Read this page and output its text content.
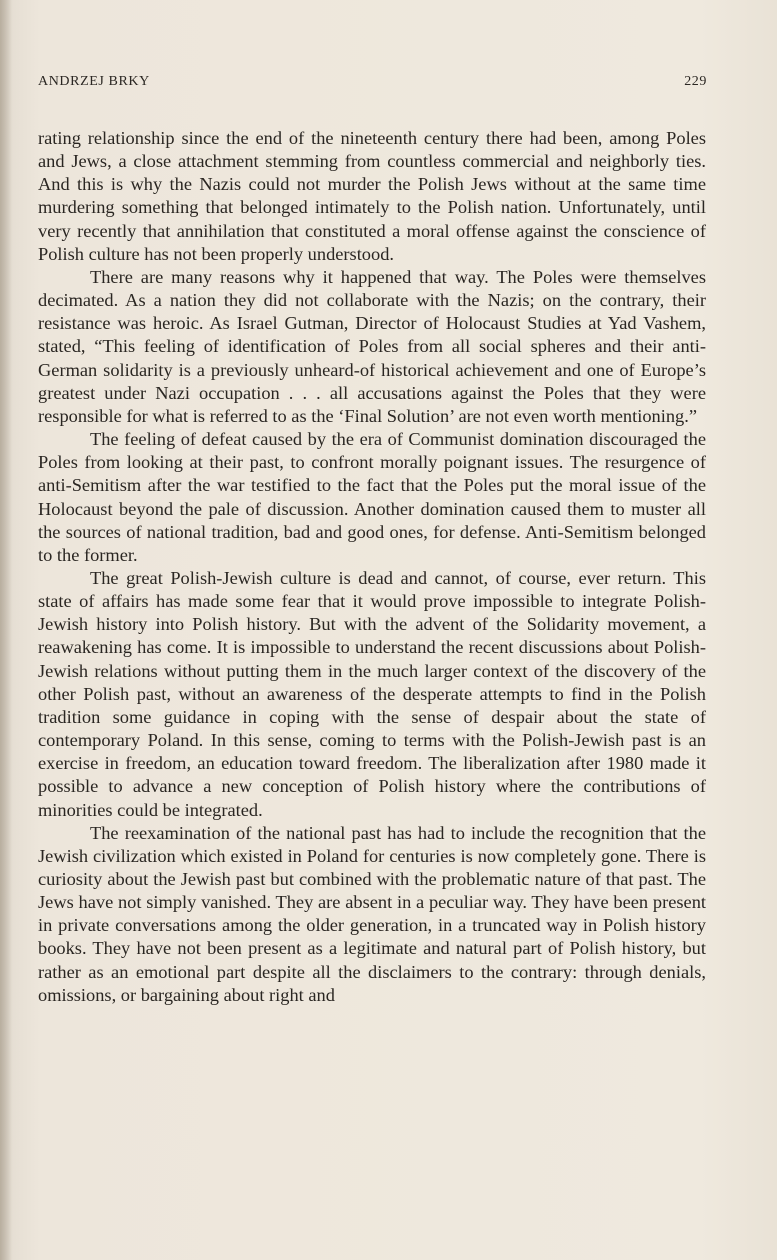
ANDRZEJ BRKY	229

rating relationship since the end of the nineteenth century there had been, among Poles and Jews, a close attachment stemming from countless commercial and neighborly ties. And this is why the Nazis could not murder the Polish Jews without at the same time murdering something that belonged intimately to the Polish nation. Unfortunately, until very recently that annihilation that constituted a moral offense against the conscience of Polish culture has not been properly understood.

There are many reasons why it happened that way. The Poles were themselves decimated. As a nation they did not collaborate with the Nazis; on the contrary, their resistance was heroic. As Israel Gutman, Director of Holocaust Studies at Yad Vashem, stated, “This feeling of identification of Poles from all social spheres and their anti-German solidarity is a previously unheard-of historical achievement and one of Europe’s greatest under Nazi occupation . . . all accusations against the Poles that they were responsible for what is referred to as the ‘Final Solution’ are not even worth mentioning.”

The feeling of defeat caused by the era of Communist domination discouraged the Poles from looking at their past, to confront morally poignant issues. The resurgence of anti-Semitism after the war testified to the fact that the Poles put the moral issue of the Holocaust beyond the pale of discussion. Another domination caused them to muster all the sources of national tradition, bad and good ones, for defense. Anti-Semitism belonged to the former.

The great Polish-Jewish culture is dead and cannot, of course, ever return. This state of affairs has made some fear that it would prove impossible to integrate Polish-Jewish history into Polish history. But with the advent of the Solidarity movement, a reawakening has come. It is impossible to understand the recent discussions about Polish-Jewish relations without putting them in the much larger context of the discovery of the other Polish past, without an awareness of the desperate attempts to find in the Polish tradition some guidance in coping with the sense of despair about the state of contemporary Poland. In this sense, coming to terms with the Polish-Jewish past is an exercise in freedom, an education toward freedom. The liberalization after 1980 made it possible to advance a new conception of Polish history where the contributions of minorities could be integrated.

The reexamination of the national past has had to include the recognition that the Jewish civilization which existed in Poland for centuries is now completely gone. There is curiosity about the Jewish past but combined with the problematic nature of that past. The Jews have not simply vanished. They are absent in a peculiar way. They have been present in private conversations among the older generation, in a truncated way in Polish history books. They have not been present as a legitimate and natural part of Polish history, but rather as an emotional part despite all the disclaimers to the contrary: through denials, omissions, or bargaining about right and
